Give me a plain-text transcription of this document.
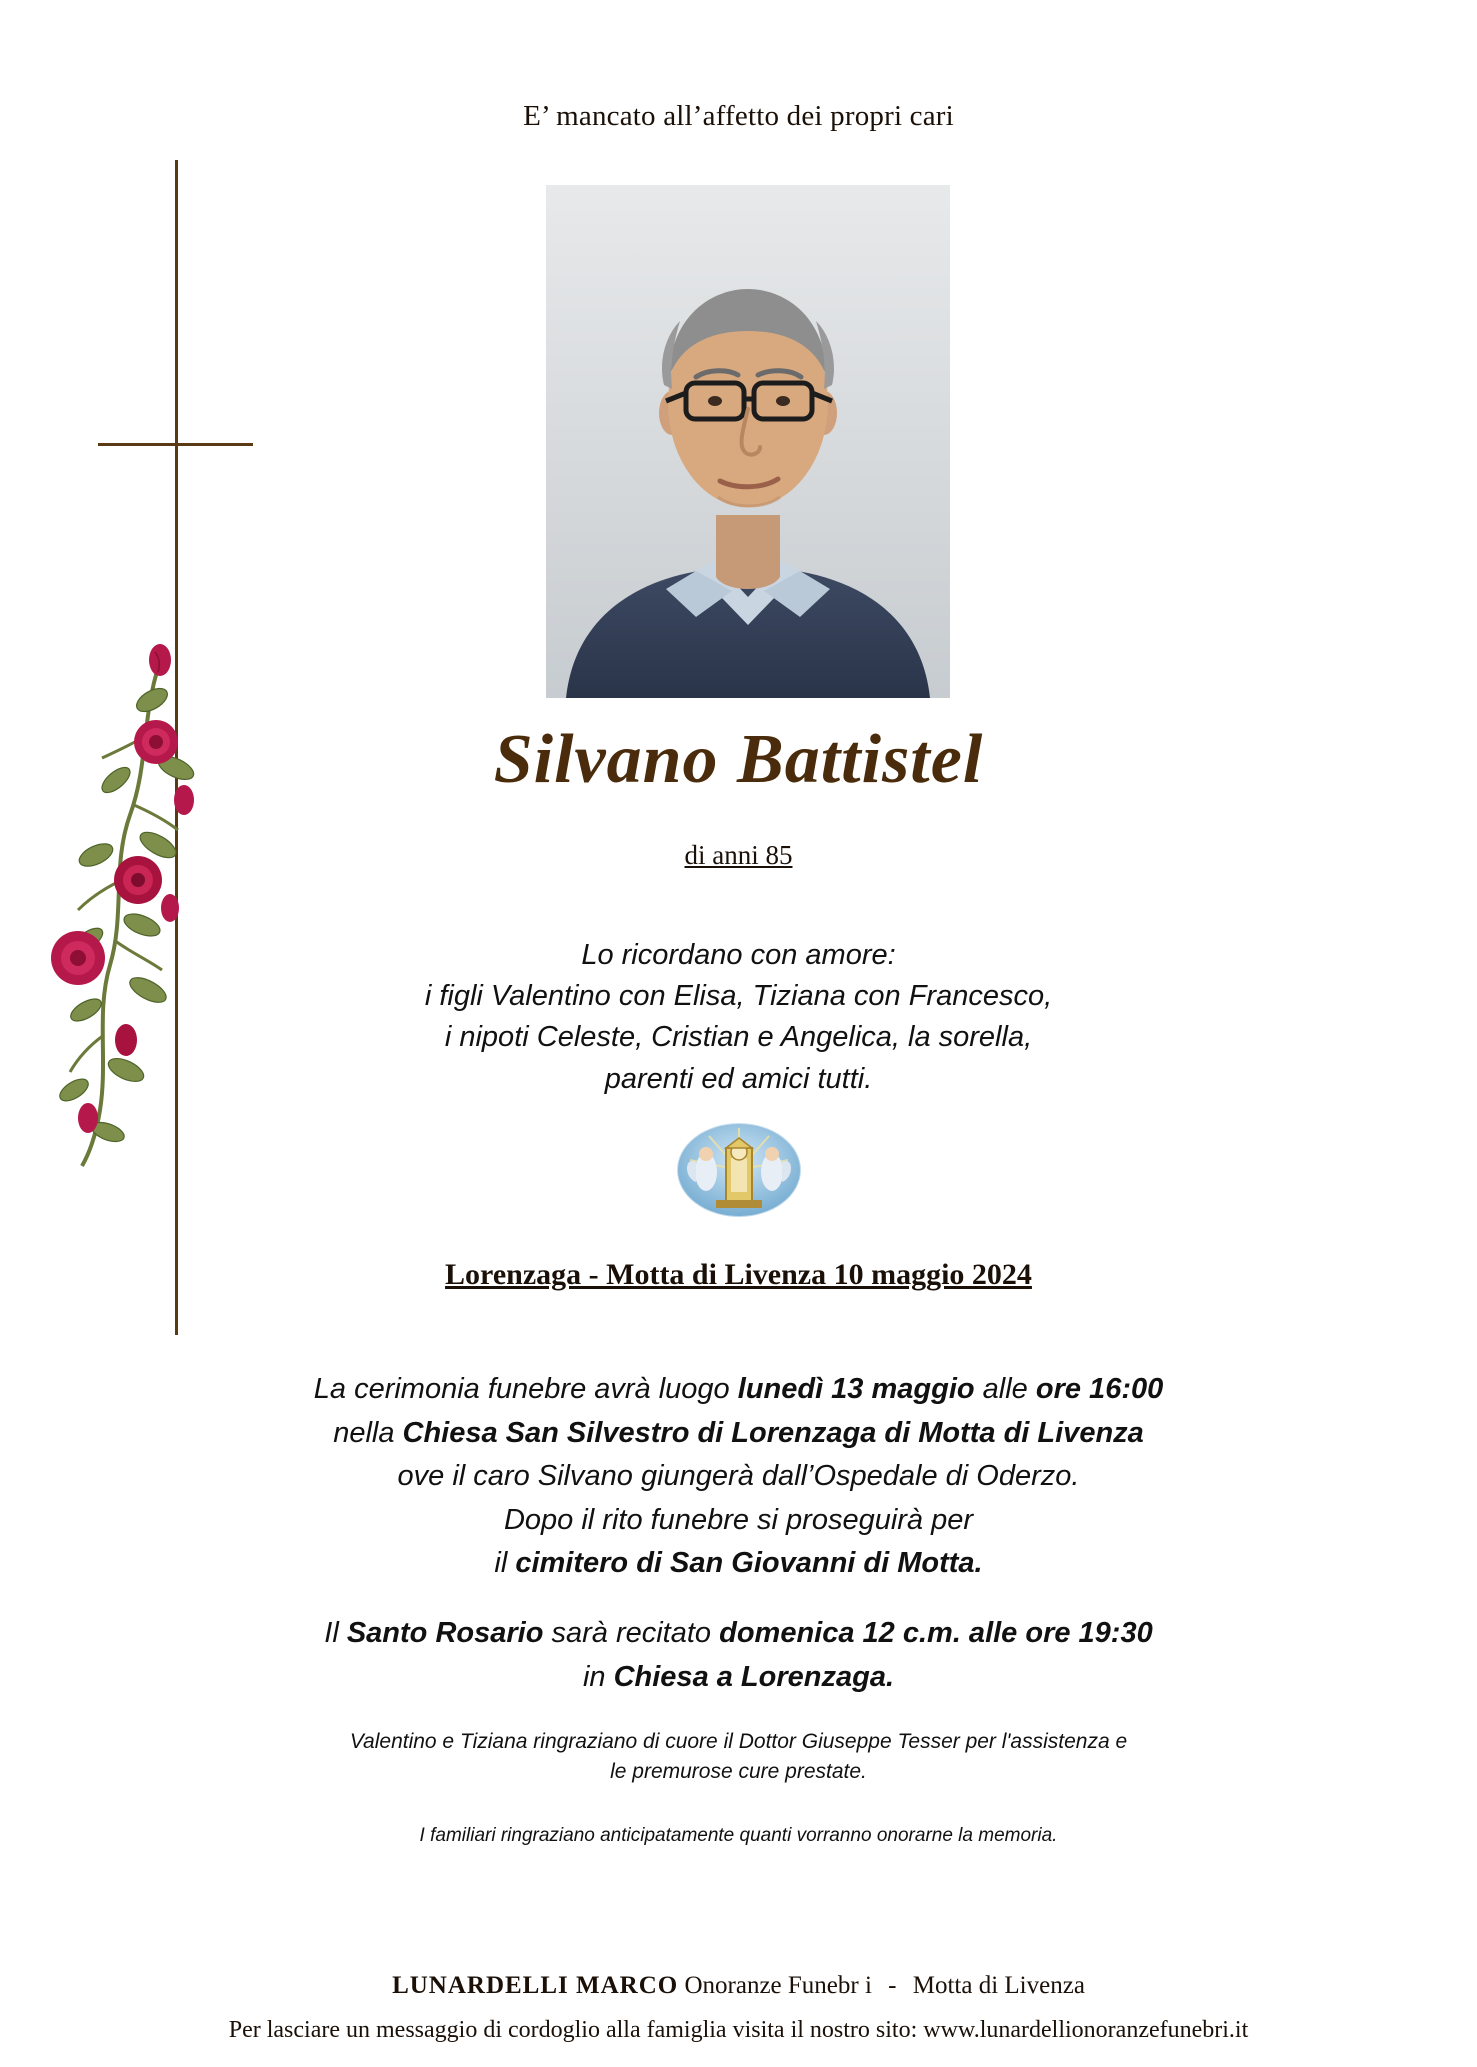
E’ mancato all’affetto dei propri cari
Silvano Battistel
di anni 85
Lo ricordano con amore:
i figli Valentino con Elisa, Tiziana con Francesco,
i nipoti Celeste, Cristian e Angelica, la sorella,
parenti ed amici tutti.
Lorenzaga - Motta di Livenza 10 maggio 2024
La cerimonia funebre avrà luogo lunedì 13 maggio alle ore 16:00
nella Chiesa San Silvestro di Lorenzaga di Motta di Livenza
ove il caro Silvano giungerà dall’Ospedale di Oderzo.
Dopo il rito funebre si proseguirà per
il cimitero di San Giovanni di Motta.
Il Santo Rosario sarà recitato domenica 12 c.m. alle ore 19:30
in Chiesa a Lorenzaga.
Valentino e Tiziana ringraziano di cuore il Dottor Giuseppe Tesser per l'assistenza e
le premurose cure prestate.
I familiari ringraziano anticipatamente quanti vorranno onorarne la memoria.
LUNARDELLI MARCO Onoranze Funebr i - Motta di Livenza
Per lasciare un messaggio di cordoglio alla famiglia visita il nostro sito: www.lunardellionoranzefunebri.it
